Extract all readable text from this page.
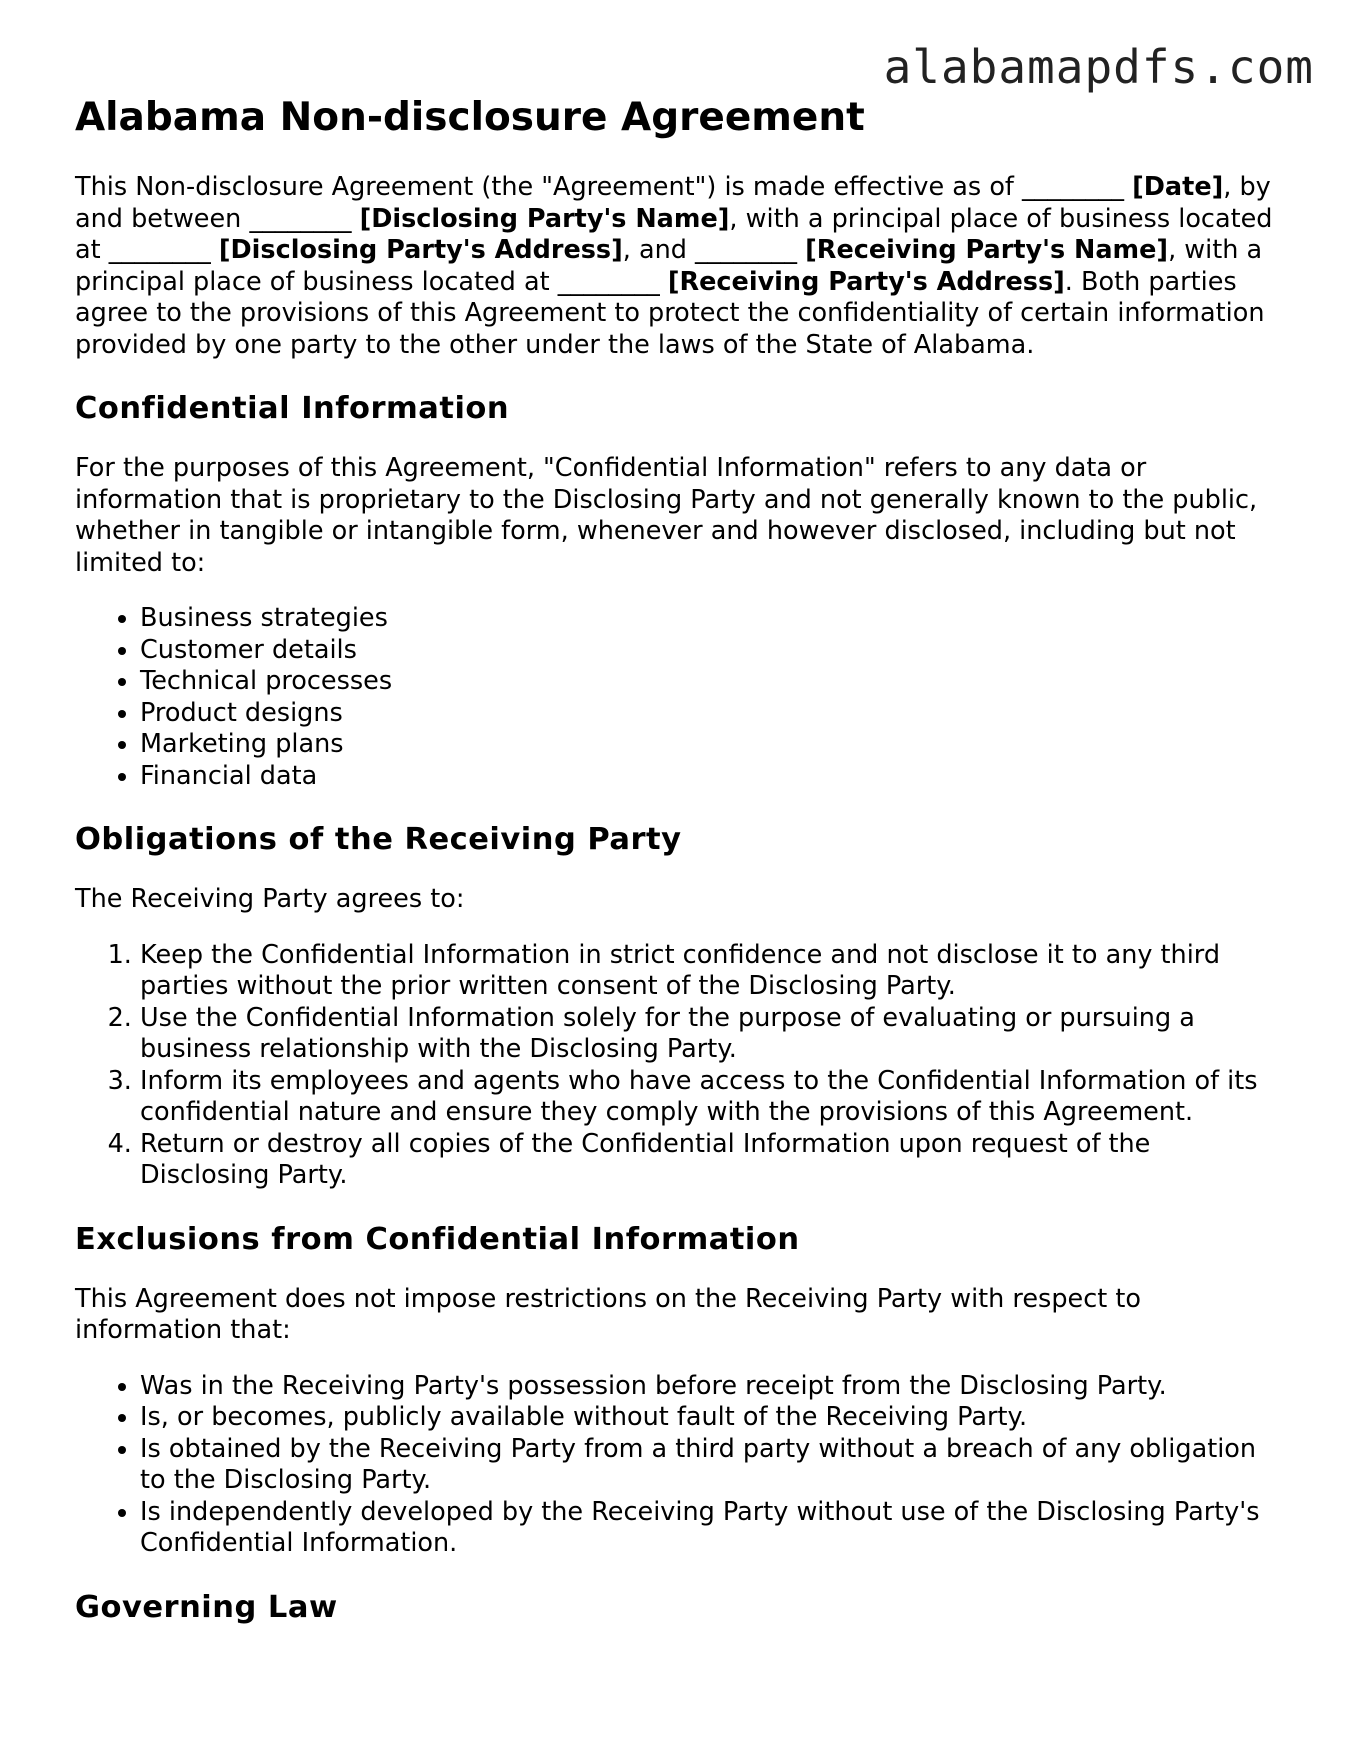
alabamapdfs.com
Alabama Non-disclosure Agreement

This Non-disclosure Agreement (the "Agreement") is made effective as of ________ [Date], by and between ________ [Disclosing Party's Name], with a principal place of business located at ________ [Disclosing Party's Address], and ________ [Receiving Party's Name], with a principal place of business located at ________ [Receiving Party's Address]. Both parties agree to the provisions of this Agreement to protect the confidentiality of certain information provided by one party to the other under the laws of the State of Alabama.

Confidential Information

For the purposes of this Agreement, "Confidential Information" refers to any data or information that is proprietary to the Disclosing Party and not generally known to the public, whether in tangible or intangible form, whenever and however disclosed, including but not limited to:

• Business strategies
• Customer details
• Technical processes
• Product designs
• Marketing plans
• Financial data
Obligations of the Receiving Party

The Receiving Party agrees to:

1. Keep the Confidential Information in strict confidence and not disclose it to any third parties without the prior written consent of the Disclosing Party.
2. Use the Confidential Information solely for the purpose of evaluating or pursuing a business relationship with the Disclosing Party.
3. Inform its employees and agents who have access to the Confidential Information of its confidential nature and ensure they comply with the provisions of this Agreement.
4. Return or destroy all copies of the Confidential Information upon request of the Disclosing Party.
Exclusions from Confidential Information

This Agreement does not impose restrictions on the Receiving Party with respect to information that:

• Was in the Receiving Party's possession before receipt from the Disclosing Party.
• Is, or becomes, publicly available without fault of the Receiving Party.
• Is obtained by the Receiving Party from a third party without a breach of any obligation to the Disclosing Party.
• Is independently developed by the Receiving Party without use of the Disclosing Party's Confidential Information.
Governing Law
